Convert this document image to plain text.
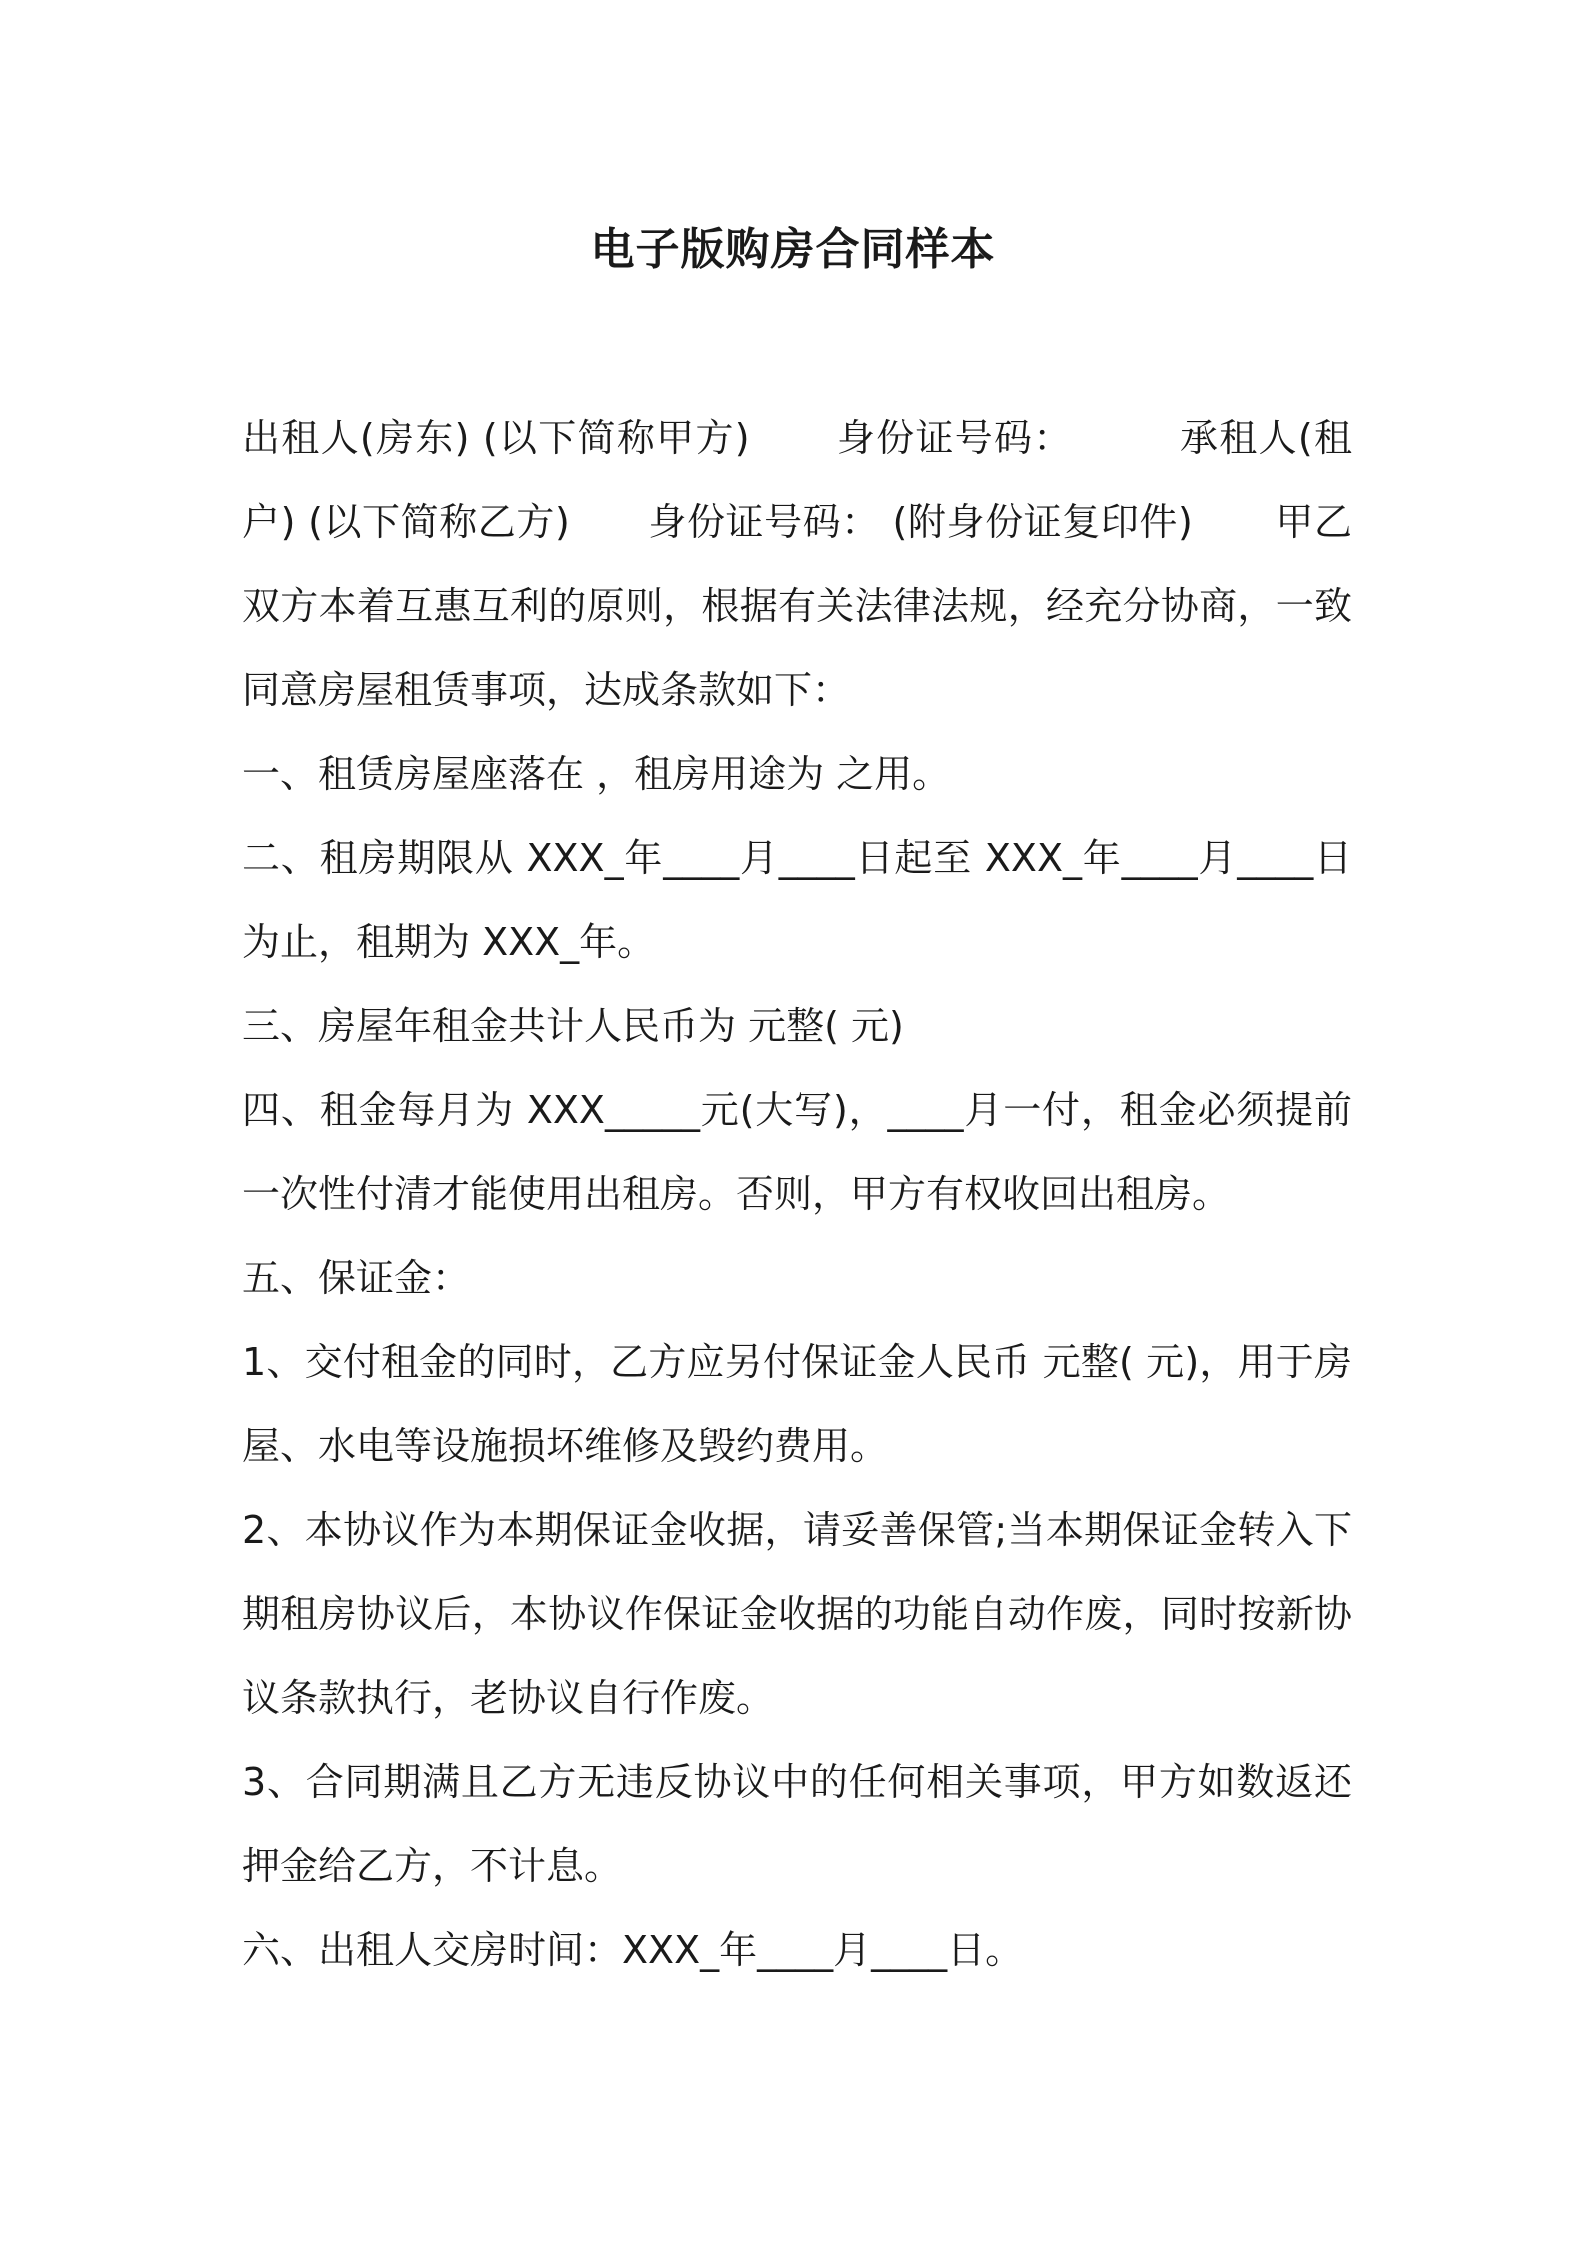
电子版购房合同样本

出租人(房东) (以下简称甲方) 身份证号码：	承租人(租户) (以下简称乙方) 身份证号码： (附身份证复印件) 甲乙双方本着互惠互利的原则，根据有关法律法规，经充分协商，一致同意房屋租赁事项，达成条款如下：

一、租赁房屋座落在 ，租房用途为 之用。

二、租房期限从 XXX_年____月____日起至 XXX_年____月____日为止，租期为 XXX_年。

三、房屋年租金共计人民币为 元整( 元)

四、租金每月为 XXX_____元(大写)，____月一付，租金必须提前一次性付清才能使用出租房。否则，甲方有权收回出租房。

五、保证金：

1、交付租金的同时，乙方应另付保证金人民币 元整( 元)，用于房屋、水电等设施损坏维修及毁约费用。

2、本协议作为本期保证金收据，请妥善保管;当本期保证金转入下期租房协议后，本协议作保证金收据的功能自动作废，同时按新协议条款执行，老协议自行作废。

3、合同期满且乙方无违反协议中的任何相关事项，甲方如数返还押金给乙方，不计息。

六、出租人交房时间：XXX_年____月____日。
